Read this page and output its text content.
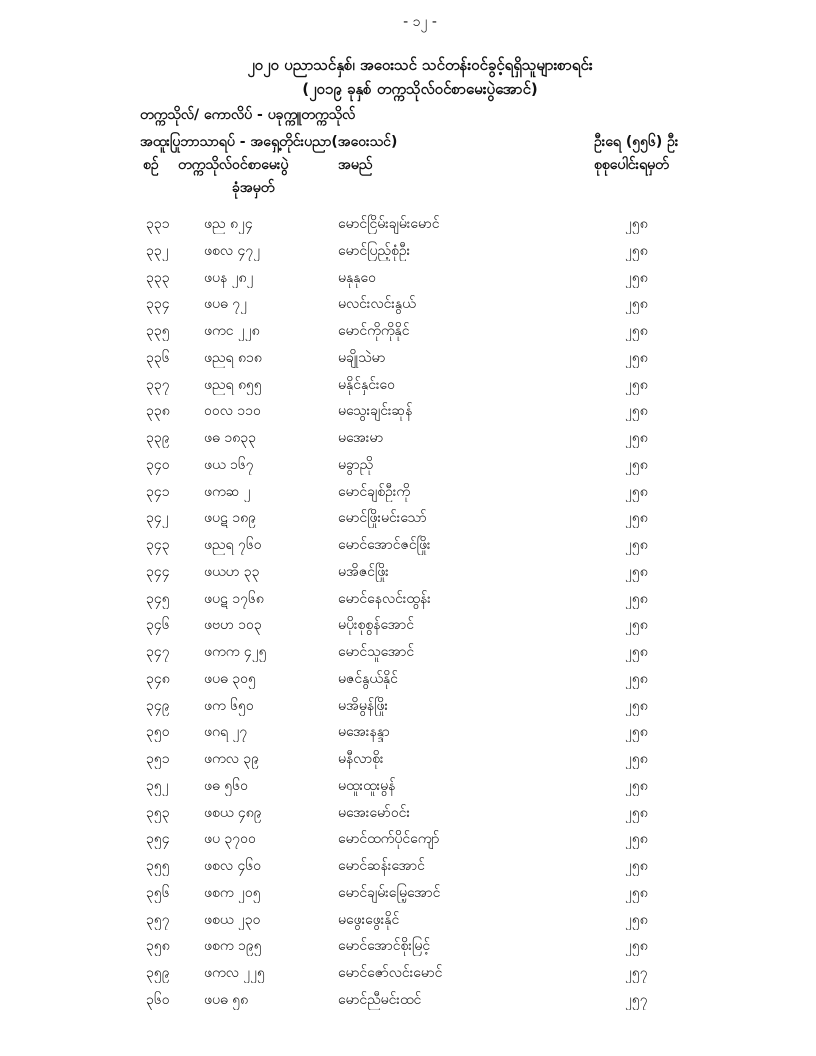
- ၁၂ -
၂၀၂၀ ပညာသင်နှစ်၊ အဝေးသင် သင်တန်းဝင်ခွင့်ရရှိသူများစာရင်း
(၂၀၁၉ ခုနှစ် တက္ကသိုလ်ဝင်စာမေးပွဲအောင်)
တက္ကသိုလ်/ ကောလိပ် - ပခုက္ကူတက္ကသိုလ်
အထူးပြုဘာသာရပ် - အရှေ့တိုင်းပညာ(အဝေးသင်)	ဦးရေ (၅၅၆) ဦး
စဉ် တက္ကသိုလ်ဝင်စာမေးပွဲ
ခုံအမှတ်
အမည်	စုစုပေါင်းရမှတ်
၃၃၁	ဖည ၈၂၄	မောင်ငြိမ်းချမ်းမောင်	၂၅၈
၃၃၂	ဖစလ ၄၇၂	မောင်ပြည့်စုံဦး	၂၅၈
၃၃၃	ဖပန ၂၈၂	မနုနုဝေ	၂၅၈
၃၃၄	ဖပဓ ၇၂	မလင်းလင်းနွယ်	၂၅၈
၃၃၅	ဖကင ၂၂၈	မောင်ကိုကိုနိုင်	၂၅၈
၃၃၆	ဖညရ ၈၁၈	မချိုသဲမာ	၂၅၈
၃၃၇	ဖညရ ၈၅၅	မနိုင်နှင်းဝေ	၂၅၈
၃၃၈	ဝဝလ ၁၁၀	မသွေးချင်းဆုန်	၂၅၈
၃၃၉	ဖဓ ၁၈၃၃	မအေးမာ	၂၅၈
၃၄၀	ဖယ ၁၆၇	မခွာညို	၂၅၈
၃၄၁	ဖကဆ ၂	မောင်ချစ်ဦးကို	၂၅၈
၃၄၂	ဖပဋ ၁၈၉	မောင်ဖြိုးမင်းသော်	၂၅၈
၃၄၃	ဖညရ ၇၆၀	မောင်အောင်ဇင်ဖြိုး	၂၅၈
၃၄၄	ဖယဟ ၃၃	မအိဇင်ဖြိုး	၂၅၈
၃၄၅	ဖပဋ ၁၇၆၈	မောင်နေလင်းထွန်း	၂၅၈
၃၄၆	ဖဗဟ ၁၀၃	မပိုးစုစွန်အောင်	၂၅၈
၃၄၇	ဖကက ၄၂၅	မောင်သူအောင်	၂၅၈
၃၄၈	ဖပဓ ၃၀၅	မဇင်နွယ်နိုင်	၂၅၈
၃၄၉	ဖက ၆၅၀	မအိမွန်ဖြိုး	၂၅၈
၃၅၀	ဖဂရ ၂၇	မအေးနန္ဒာ	၂၅၈
၃၅၁	ဖကလ ၃၉	မနီလာစိုး	၂၅၈
၃၅၂	ဖဓ ၅၆၀	မထူးထူးမွန်	၂၅၈
၃၅၃	ဖစယ ၄၈၉	မအေးမော်ဝင်း	၂၅၈
၃၅၄	ဖပ ၃၇၀၀	မောင်ထက်ပိုင်ကျော်	၂၅၈
၃၅၅	ဖစလ ၄၆၀	မောင်ဆန်းအောင်	၂၅၈
၃၅၆	ဖစက ၂၀၅	မောင်ချမ်းမြေ့အောင်	၂၅၈
၃၅၇	ဖစယ ၂၃၀	မဖွေးဖွေးနိုင်	၂၅၈
၃၅၈	ဖစက ၁၉၅	မောင်အောင်စိုးမြင့်	၂၅၈
၃၅၉	ဖကလ ၂၂၅	မောင်ဇော်လင်းမောင်	၂၅၇
၃၆၀	ဖပဓ ၅၈	မောင်ညီမင်းထင်	၂၅၇
